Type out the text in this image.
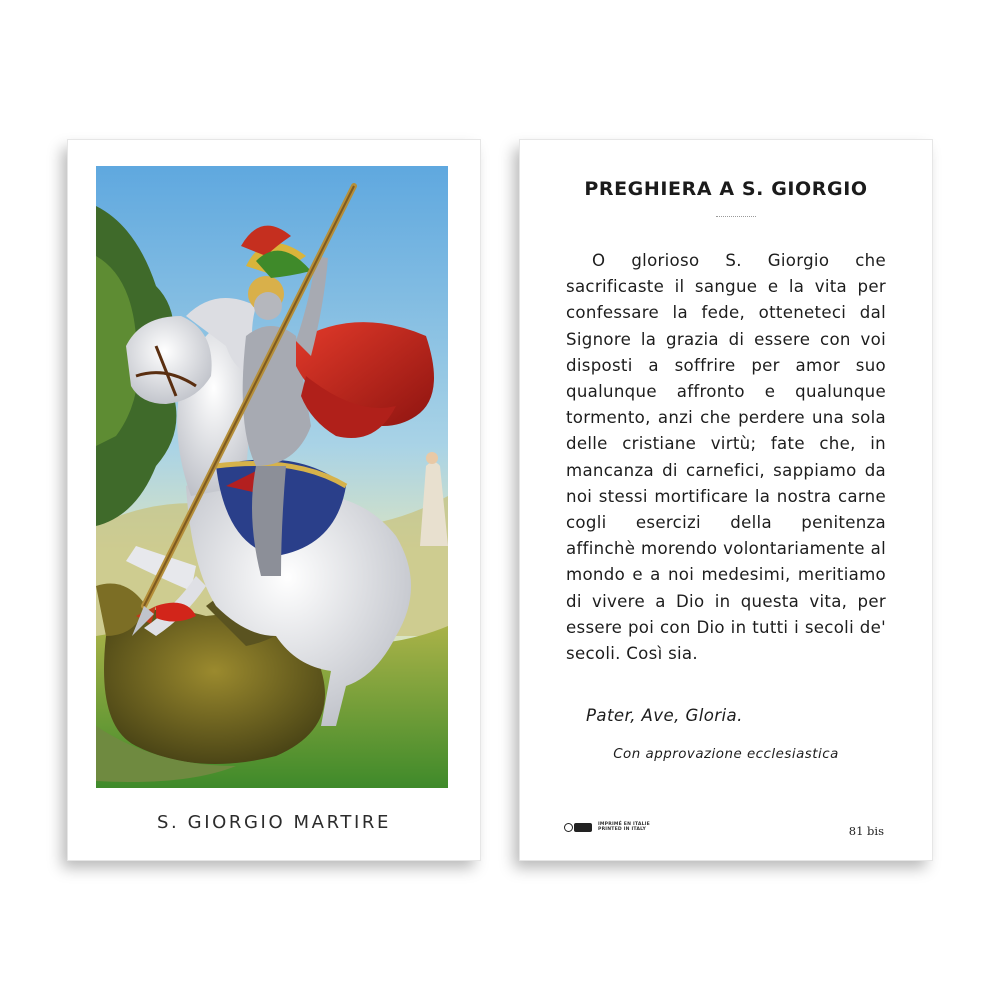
S. GIORGIO MARTIRE
PREGHIERA A S. GIORGIO

O glorioso S. Giorgio che sacrificaste il sangue e la vita per confessare la fede, otteneteci dal Signore la grazia di essere con voi disposti a soffrire per amor suo qualunque affronto e qualunque tormento, anzi che perdere una sola delle cristiane virtù; fate che, in mancanza di carnefici, sappiamo da noi stessi mortificare la nostra carne cogli esercizi della penitenza affinchè morendo volontariamente al mondo e a noi medesimi, meritiamo di vivere a Dio in questa vita, per essere poi con Dio in tutti i secoli de' secoli. Così sia.

Pater, Ave, Gloria.
Con approvazione ecclesiastica
IMPRIMÉ EN ITALIE
PRINTED IN ITALY	81 bis
